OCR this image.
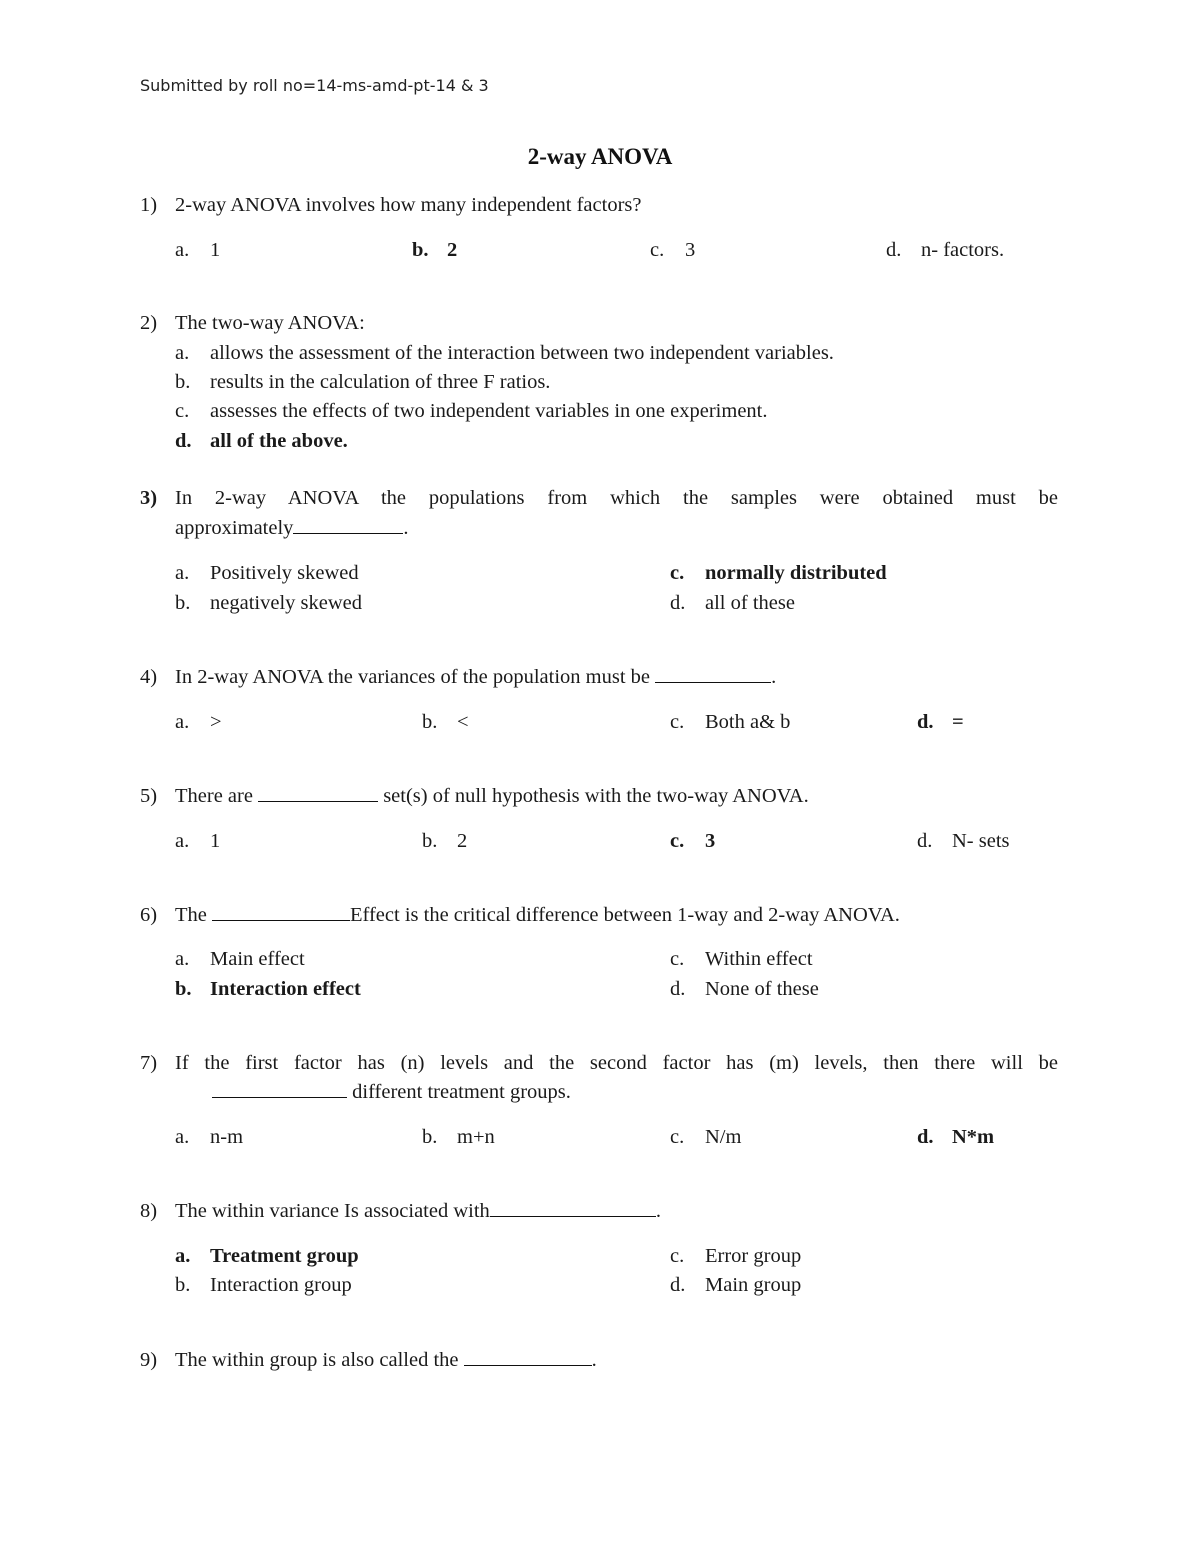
Submitted by roll no=14-ms-amd-pt-14 & 3
2-way ANOVA
1) 2-way ANOVA involves how many independent factors?
a. 1	b. 2	c. 3	d. n- factors.
2) The two-way ANOVA:
a. allows the assessment of the interaction between two independent variables.
b. results in the calculation of three F ratios.
c. assesses the effects of two independent variables in one experiment.
d. all of the above.
3) In 2-way ANOVA the populations from which the samples were obtained must be
approximately	.
a. Positively skewed	c. normally distributed
b. negatively skewed	d. all of these
4) In 2-way ANOVA the variances of the population must be	.
a. >	b. <	c. Both a& b	d. =
5) There are	set(s) of null hypothesis with the two-way ANOVA.
a. 1	b. 2	c. 3	d. N- sets
6) The	Effect is the critical difference between 1-way and 2-way ANOVA.
a. Main effect	c. Within effect
b. Interaction effect	d. None of these
7) If the first factor has (n) levels and the second factor has (m) levels, then there will be
different treatment groups.
a. n-m	b. m+n	c. N/m	d. N*m
8) The within variance Is associated with	.
a. Treatment group	c. Error group
b. Interaction group	d. Main group
9) The within group is also called the	.
